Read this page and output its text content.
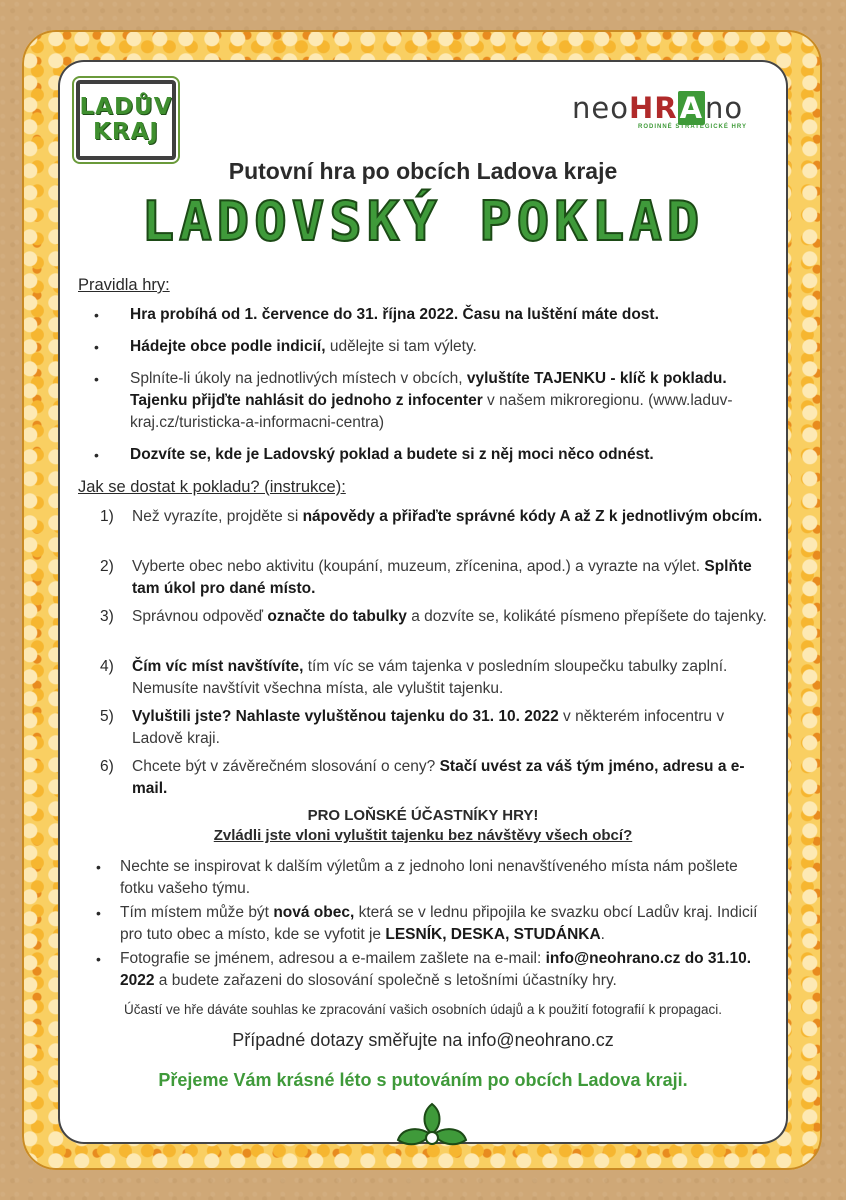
LADŮV
KRAJ
neoHRAno
RODINNÉ STRATEGICKÉ HRY
Putovní hra po obcích Ladova kraje
LADOVSKÝ POKLAD
Pravidla hry:
• Hra probíhá od 1. července do 31. října 2022. Času na luštění máte dost.
• Hádejte obce podle indicií, udělejte si tam výlety.
• Splníte-li úkoly na jednotlivých místech v obcích, vyluštíte TAJENKU - klíč k pokladu. Tajenku přijďte nahlásit do jednoho z infocenter v našem mikroregionu. (www.laduv-kraj.cz/turisticka-a-informacni-centra)
• Dozvíte se, kde je Ladovský poklad a budete si z něj moci něco odnést.
Jak se dostat k pokladu? (instrukce):
1) Než vyrazíte, projděte si nápovědy a přiřaďte správné kódy A až Z k jednotlivým obcím.
2) Vyberte obec nebo aktivitu (koupání, muzeum, zřícenina, apod.) a vyrazte na výlet. Splňte tam úkol pro dané místo.
3) Správnou odpověď označte do tabulky a dozvíte se, kolikáté písmeno přepíšete do tajenky.
4) Čím víc míst navštívíte, tím víc se vám tajenka v posledním sloupečku tabulky zaplní. Nemusíte navštívit všechna místa, ale vyluštit tajenku.
5) Vyluštili jste? Nahlaste vyluštěnou tajenku do 31. 10. 2022 v některém infocentru v Ladově kraji.
6) Chcete být v závěrečném slosování o ceny? Stačí uvést za váš tým jméno, adresu a e-mail.
PRO LOŇSKÉ ÚČASTNÍKY HRY!
Zvládli jste vloni vyluštit tajenku bez návštěvy všech obcí?
• Nechte se inspirovat k dalším výletům a z jednoho loni nenavštíveného místa nám pošlete fotku vašeho týmu.
• Tím místem může být nová obec, která se v lednu připojila ke svazku obcí Ladův kraj. Indicií pro tuto obec a místo, kde se vyfotit je LESNÍK, DESKA, STUDÁNKA.
• Fotografie se jménem, adresou a e-mailem zašlete na e-mail: info@neohrano.cz do 31.10. 2022 a budete zařazeni do slosování společně s letošními účastníky hry.
Účastí ve hře dáváte souhlas ke zpracování vašich osobních údajů a k použití fotografií k propagaci.
Případné dotazy směřujte na info@neohrano.cz
Přejeme Vám krásné léto s putováním po obcích Ladova kraji.
